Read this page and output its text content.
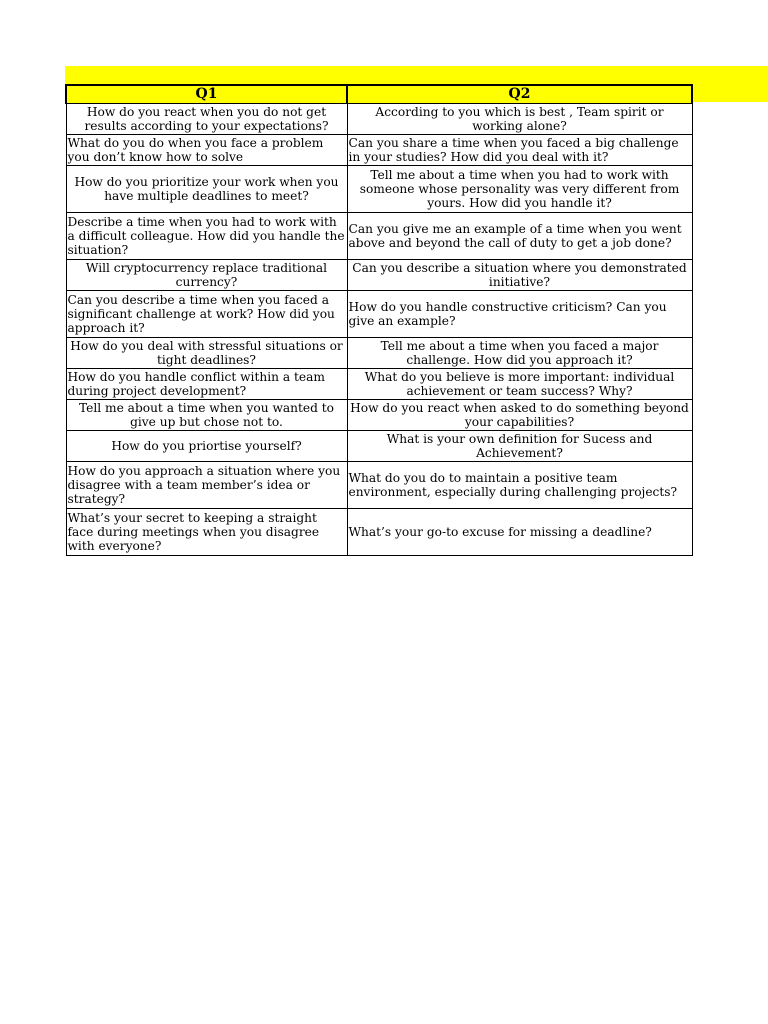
Q1	Q2
How do you react when you do not get results according to your expectations?	According to you which is best , Team spirit or working alone?
What do you do when you face a problem you don’t know how to solve	Can you share a time when you faced a big challenge in your studies? How did you deal with it?
How do you prioritize your work when you have multiple deadlines to meet?	Tell me about a time when you had to work with someone whose personality was very different from yours. How did you handle it?
Describe a time when you had to work with a difficult colleague. How did you handle the situation?	Can you give me an example of a time when you went above and beyond the call of duty to get a job done?
Will cryptocurrency replace traditional currency?	Can you describe a situation where you demonstrated initiative?
Can you describe a time when you faced a significant challenge at work? How did you approach it?	How do you handle constructive criticism? Can you give an example?
How do you deal with stressful situations or tight deadlines?	Tell me about a time when you faced a major challenge. How did you approach it?
How do you handle conflict within a team during project development?	What do you believe is more important: individual achievement or team success? Why?
Tell me about a time when you wanted to give up but chose not to.	How do you react when asked to do something beyond your capabilities?
How do you priortise yourself?	What is your own definition for Sucess and Achievement?
How do you approach a situation where you disagree with a team member’s idea or strategy?	What do you do to maintain a positive team environment, especially during challenging projects?
What’s your secret to keeping a straight face during meetings when you disagree with everyone?	What’s your go-to excuse for missing a deadline?
